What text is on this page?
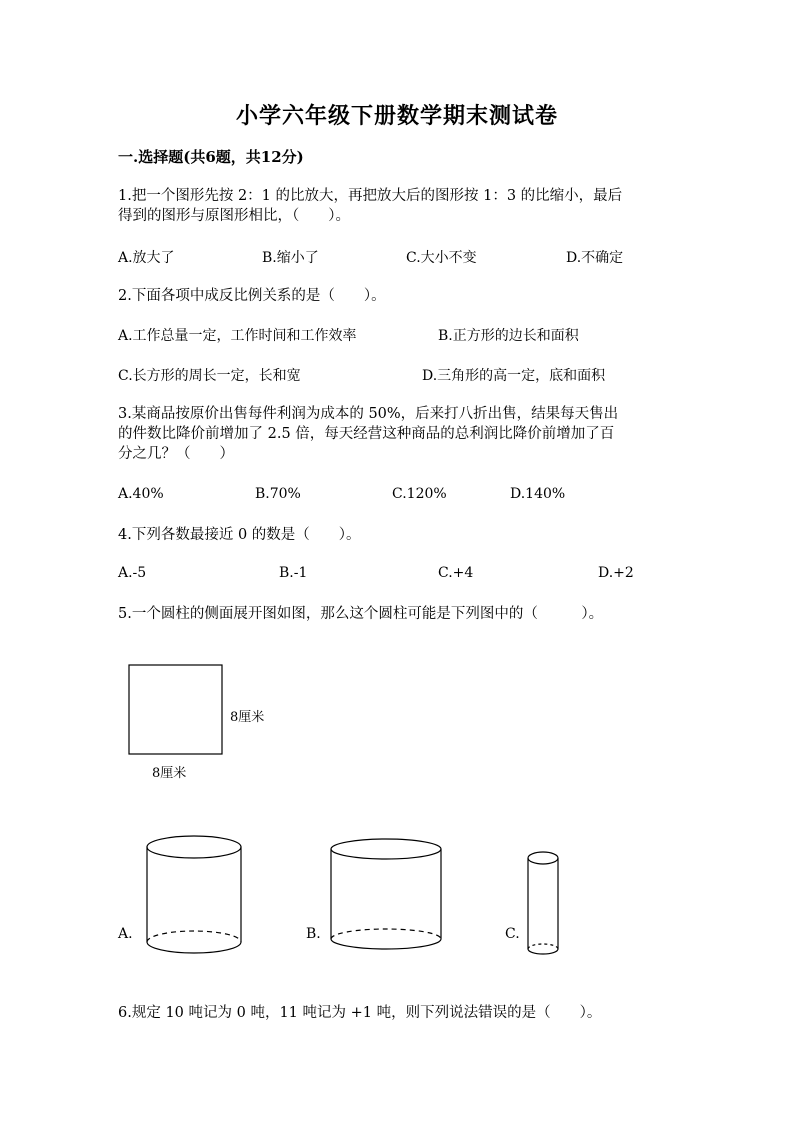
小学六年级下册数学期末测试卷
一.选择题(共6题，共12分)
1.把一个图形先按 2：1 的比放大，再把放大后的图形按 1：3 的比缩小，最后
得到的图形与原图形相比，（　　）。
A.放大了	B.缩小了	C.大小不变	D.不确定
2.下面各项中成反比例关系的是（　　）。
A.工作总量一定，工作时间和工作效率	B.正方形的边长和面积
C.长方形的周长一定，长和宽	D.三角形的高一定，底和面积
3.某商品按原价出售每件利润为成本的 50%，后来打八折出售，结果每天售出
的件数比降价前增加了 2.5 倍，每天经营这种商品的总利润比降价前增加了百
分之几？（　　）
A.40%	B.70%	C.120%	D.140%
4.下列各数最接近 0 的数是（　　）。
A.-5	B.-1	C.+4	D.+2
5.一个圆柱的侧面展开图如图，那么这个圆柱可能是下列图中的（　　　）。
8厘米
8厘米
A.	B.	C.
6.规定 10 吨记为 0 吨，11 吨记为 +1 吨，则下列说法错误的是（　　）。
